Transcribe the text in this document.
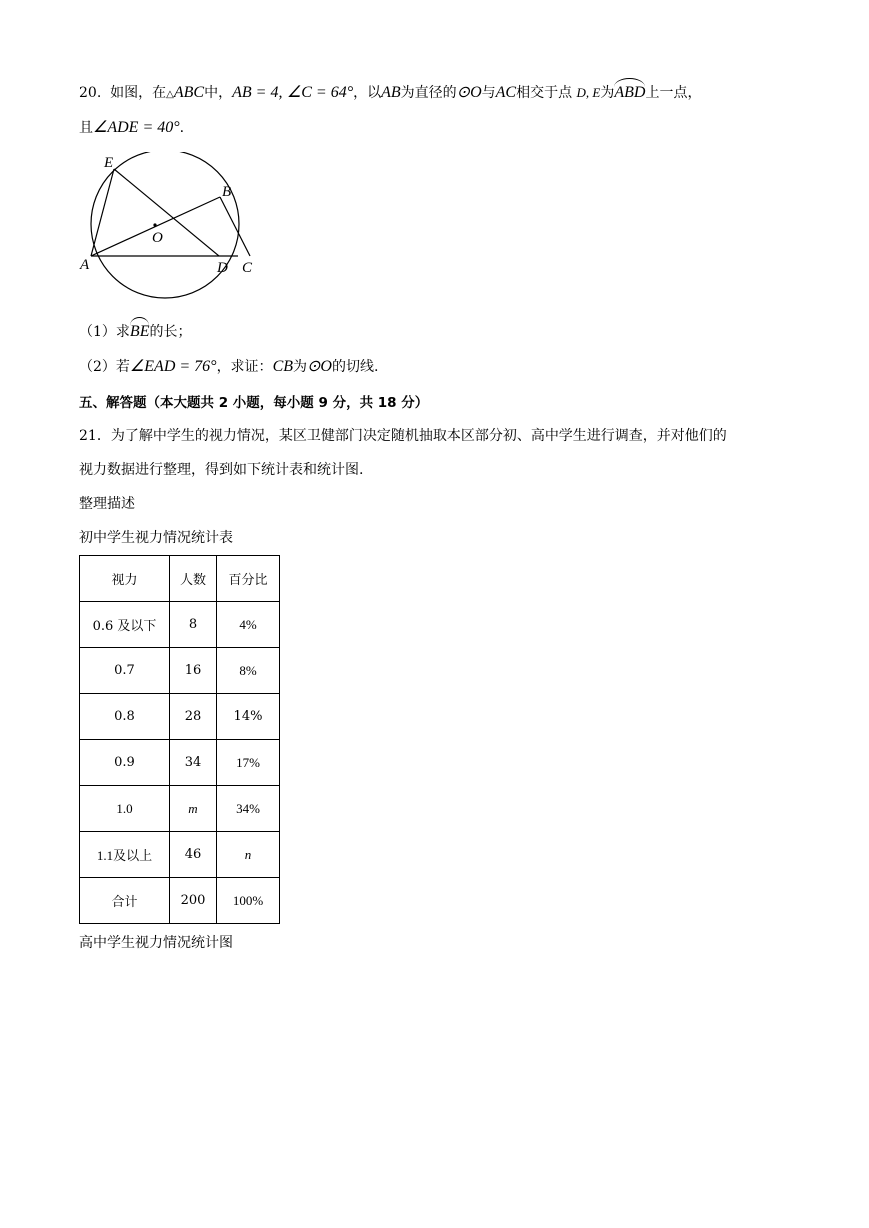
20. 如图，在△ABC中，AB = 4, ∠C = 64°，以AB为直径的⊙O与AC相交于点 D, E为ABD上一点，
且∠ADE = 40°.
E
B
O
A	D C
（1）求BE的长；
（2）若∠EAD = 76°，求证：CB为⊙O的切线.
五、解答题（本大题共 2 小题，每小题 9 分，共 18 分）
21．为了解中学生的视力情况，某区卫健部门决定随机抽取本区部分初、高中学生进行调查，并对他们的
视力数据进行整理，得到如下统计表和统计图.
整理描述
初中学生视力情况统计表
视力	人数	百分比
0.6 及以下	8	4%
0.7	16	8%
0.8	28	14%
0.9	34	17%
1.0	m	34%
1.1及以上	46	n
合计	200	100%
高中学生视力情况统计图
